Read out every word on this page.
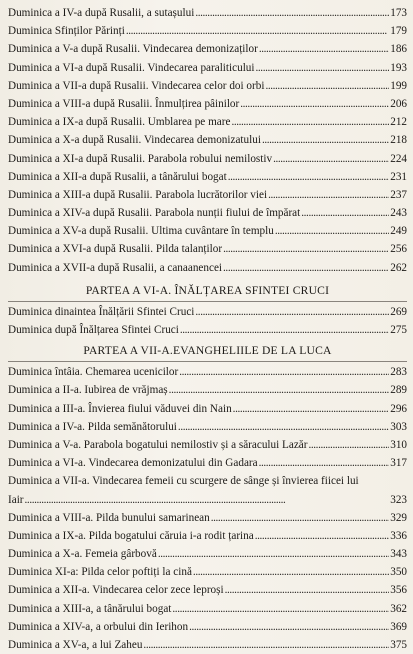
Duminica a IV-a după Rusalii, a sutașului . . .	173
Duminica Sfinților Părinți . . .	179
Duminica a V-a după Rusalii. Vindecarea demonizaților . . .	186
Duminica a VI-a după Rusalii. Vindecarea paraliticului . . .	193
Duminica a VII-a după Rusalii. Vindecarea celor doi orbi . . .	199
Duminica a VIII-a după Rusalii. Înmulțirea pâinilor . . .	206
Duminica a IX-a după Rusalii. Umblarea pe mare . . .	212
Duminica a X-a după Rusalii. Vindecarea demonizatului . . .	218
Duminica a XI-a după Rusalii. Parabola robului nemilostiv . . .	224
Duminica a XII-a după Rusalii, a tânărului bogat . . .	231
Duminica a XIII-a după Rusalii. Parabola lucrătorilor viei . . .	237
Duminica a XIV-a după Rusalii. Parabola nunții fiului de împărat . . .	243
Duminica a XV-a după Rusalii. Ultima cuvântare în templu . . .	249
Duminica a XVI-a după Rusalii. Pilda talanților . . .	256
Duminica a XVII-a după Rusalii, a canaanencei . . .	262
PARTEA A VI-A. ÎNĂLȚAREA SFINTEI CRUCI
Duminica dinaintea Înălțării Sfintei Cruci . . .	269
Duminica după Înălțarea Sfintei Cruci . . .	275
PARTEA A VII-A.EVANGHELIILE DE LA LUCA
Duminica întâia. Chemarea ucenicilor . . .	283
Duminica a II-a. Iubirea de vrăjmaș . . .	289
Duminica a III-a. Învierea fiului văduvei din Nain . . .	296
Duminica a IV-a. Pilda semănătorului . . .	303
Duminica a V-a. Parabola bogatului nemilostiv și a săracului Lazăr . . .	310
Duminica a VI-a. Vindecarea demonizatului din Gadara . . .	317
Duminica a VII-a. Vindecarea femeii cu scurgere de sânge și învierea fiicei lui
Iair . . .	323
Duminica a VIII-a. Pilda bunului samarinean . . .	329
Duminica a IX-a. Pilda bogatului căruia i-a rodit țarina . . .	336
Duminica a X-a. Femeia gârbovă . . .	343
Duminica XI-a: Pilda celor poftiți la cină . . .	350
Duminica a XII-a. Vindecarea celor zece leproși . . .	356
Duminica a XIII-a, a tânărului bogat . . .	362
Duminica a XIV-a, a orbului din Ierihon . . .	369
Duminica a XV-a, a lui Zaheu . . .	375
